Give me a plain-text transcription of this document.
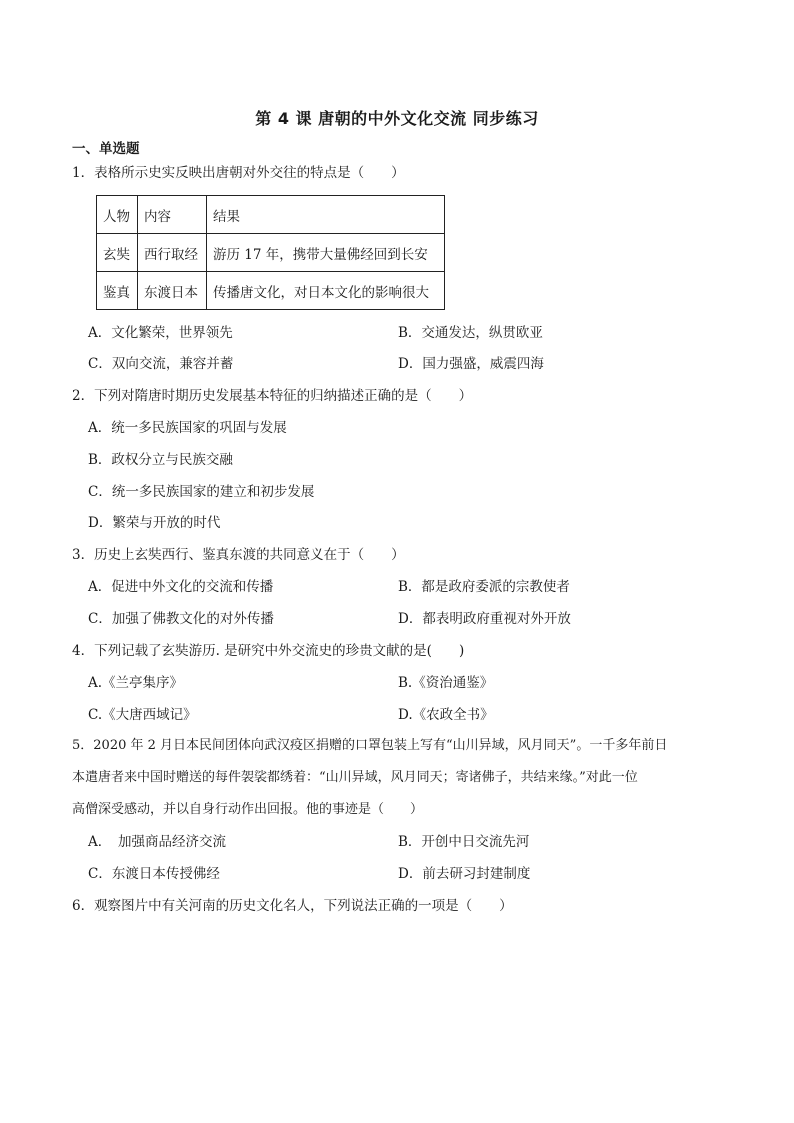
第 4 课 唐朝的中外文化交流 同步练习
一、单选题
1．表格所示史实反映出唐朝对外交往的特点是（　　）
人物	内容	结果
玄奘	西行取经	游历 17 年，携带大量佛经回到长安
鉴真	东渡日本	传播唐文化，对日本文化的影响很大
A．文化繁荣，世界领先	B．交通发达，纵贯欧亚
C．双向交流，兼容并蓄	D．国力强盛，威震四海
2．下列对隋唐时期历史发展基本特征的归纳描述正确的是（　　）
A．统一多民族国家的巩固与发展
B．政权分立与民族交融
C．统一多民族国家的建立和初步发展
D．繁荣与开放的时代
3．历史上玄奘西行、鉴真东渡的共同意义在于（　　）
A．促进中外文化的交流和传播	B．都是政府委派的宗教使者
C．加强了佛教文化的对外传播	D．都表明政府重视对外开放
4．下列记载了玄奘游历. 是研究中外交流史的珍贵文献的是(　　)
A.《兰亭集序》	B.《资治通鉴》
C.《大唐西域记》	D.《农政全书》
5．2020 年 2 月日本民间团体向武汉疫区捐赠的口罩包装上写有“山川异域，风月同天”。一千多年前日
本遣唐者来中国时赠送的每件袈裟都绣着：“山川异域，风月同天；寄诸佛子，共结来缘。”对此一位
高僧深受感动，并以自身行动作出回报。他的事迹是（　　）
A．　加强商品经济交流	B．开创中日交流先河
C．东渡日本传授佛经	D．前去研习封建制度
6．观察图片中有关河南的历史文化名人，下列说法正确的一项是（　　）
